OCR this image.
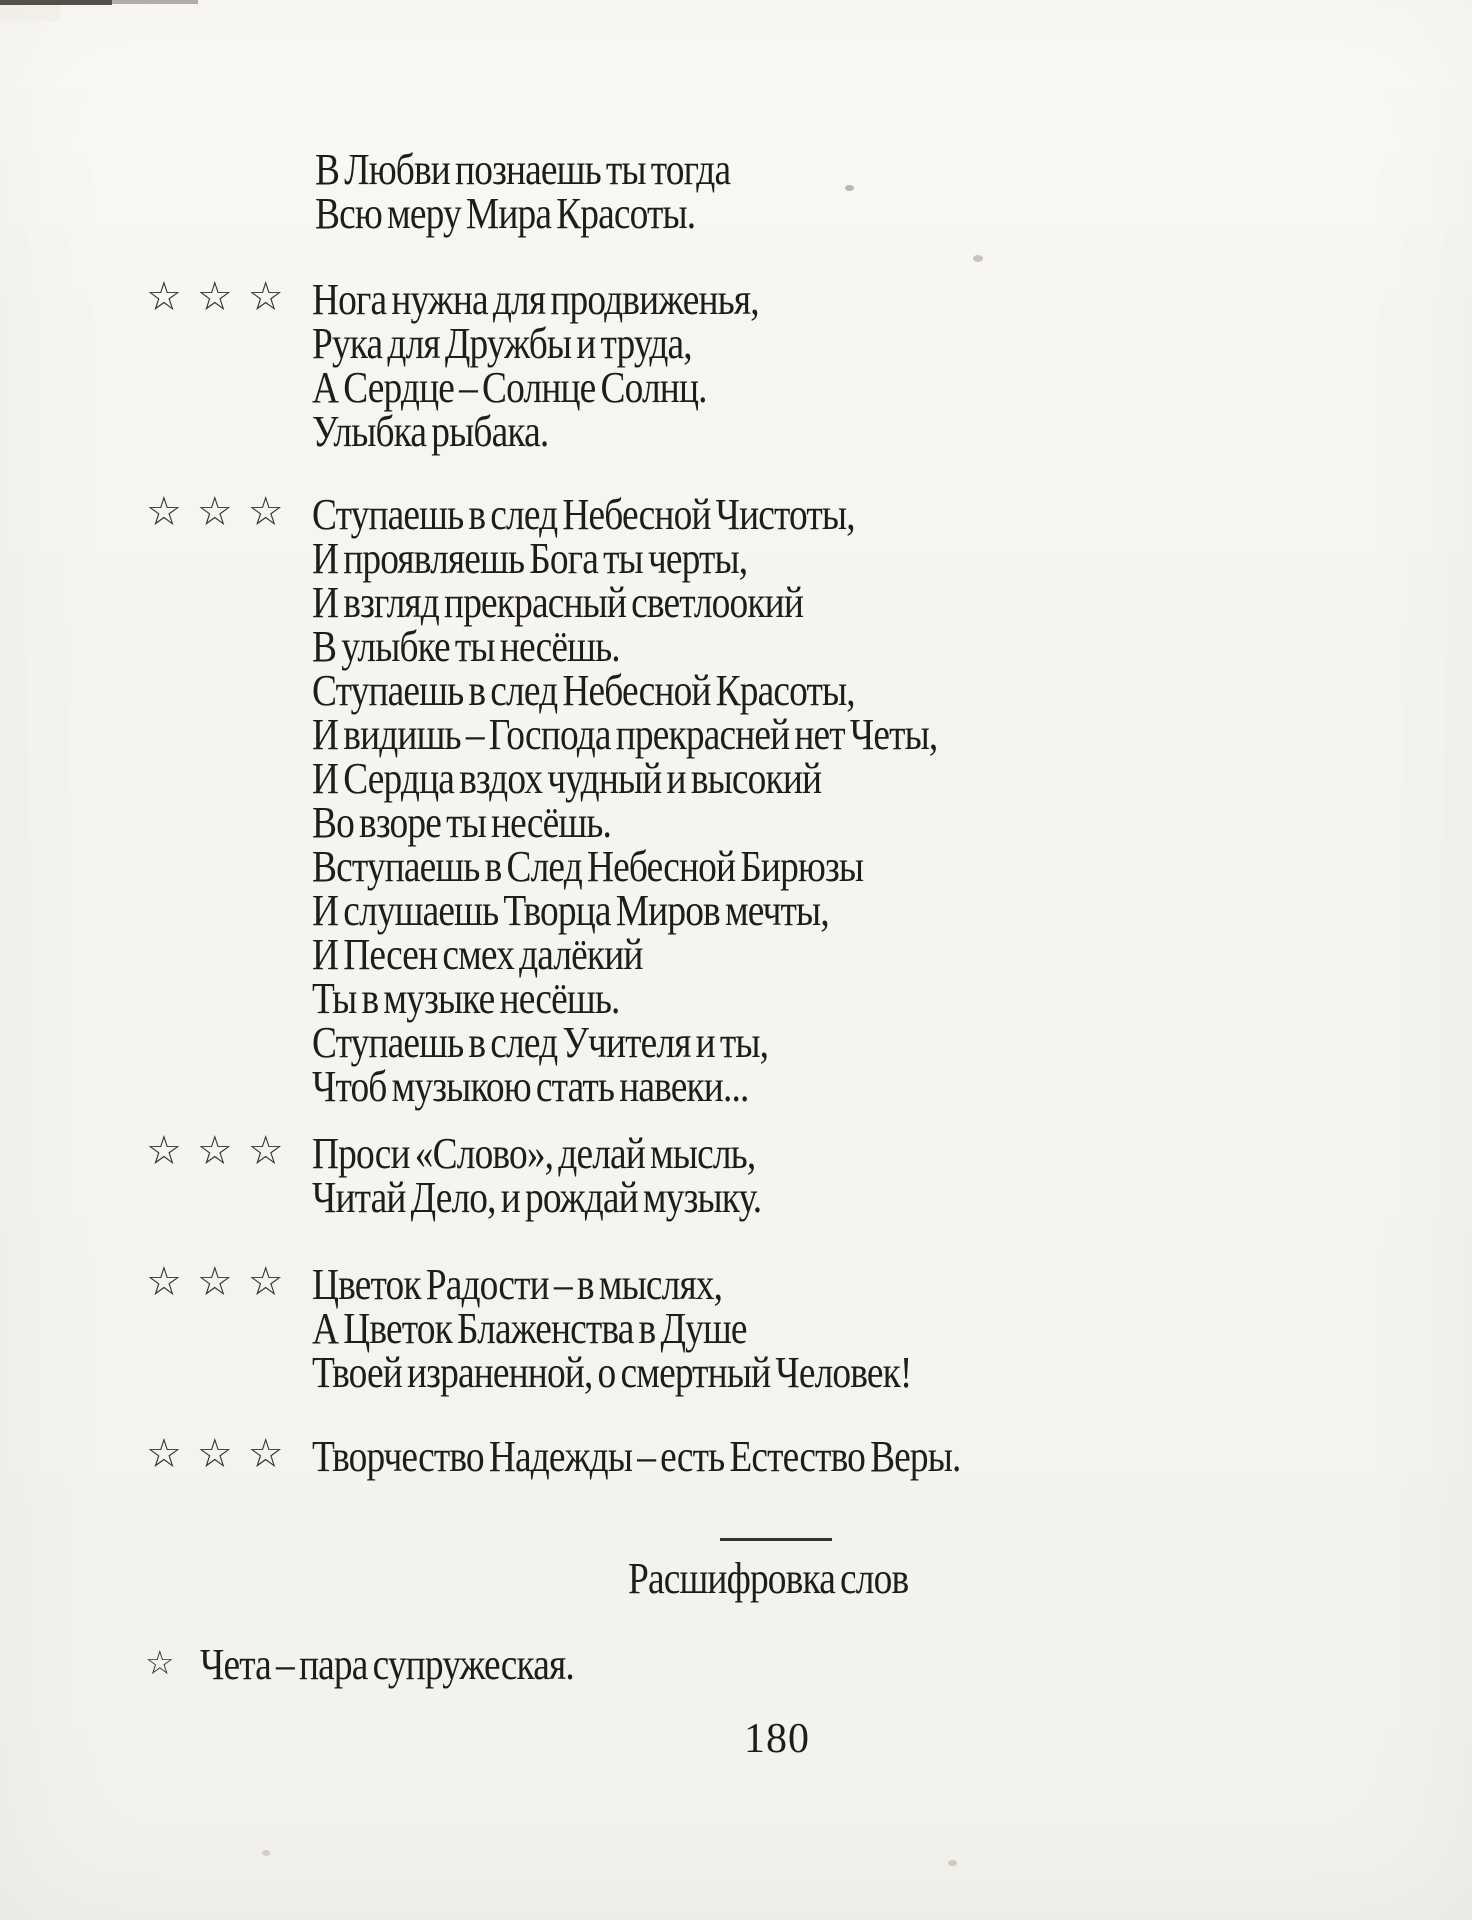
В Любви познаешь ты тогда
Всю меру Мира Красоты.
☆ ☆ ☆ Нога нужна для продвиженья,
Рука для Дружбы и труда,
А Сердце – Солнце Солнц.
Улыбка рыбака.
☆ ☆ ☆ Ступаешь в след Небесной Чистоты,
И проявляешь Бога ты черты,
И взгляд прекрасный светлоокий
В улыбке ты несёшь.
Ступаешь в след Небесной Красоты,
И видишь – Господа прекрасней нет Четы,
И Сердца вздох чудный и высокий
Во взоре ты несёшь.
Вступаешь в След Небесной Бирюзы
И слушаешь Творца Миров мечты,
И Песен смех далёкий
Ты в музыке несёшь.
Ступаешь в след Учителя и ты,
Чтоб музыкою стать навеки...
☆ ☆ ☆ Проси «Слово», делай мысль,
Читай Дело, и рождай музыку.
☆ ☆ ☆ Цветок Радости – в мыслях,
А Цветок Блаженства в Душе
Твоей израненной, о смертный Человек!
☆ ☆ ☆ Творчество Надежды – есть Естество Веры.
Расшифровка слов
☆ Чета – пара супружеская.
180
